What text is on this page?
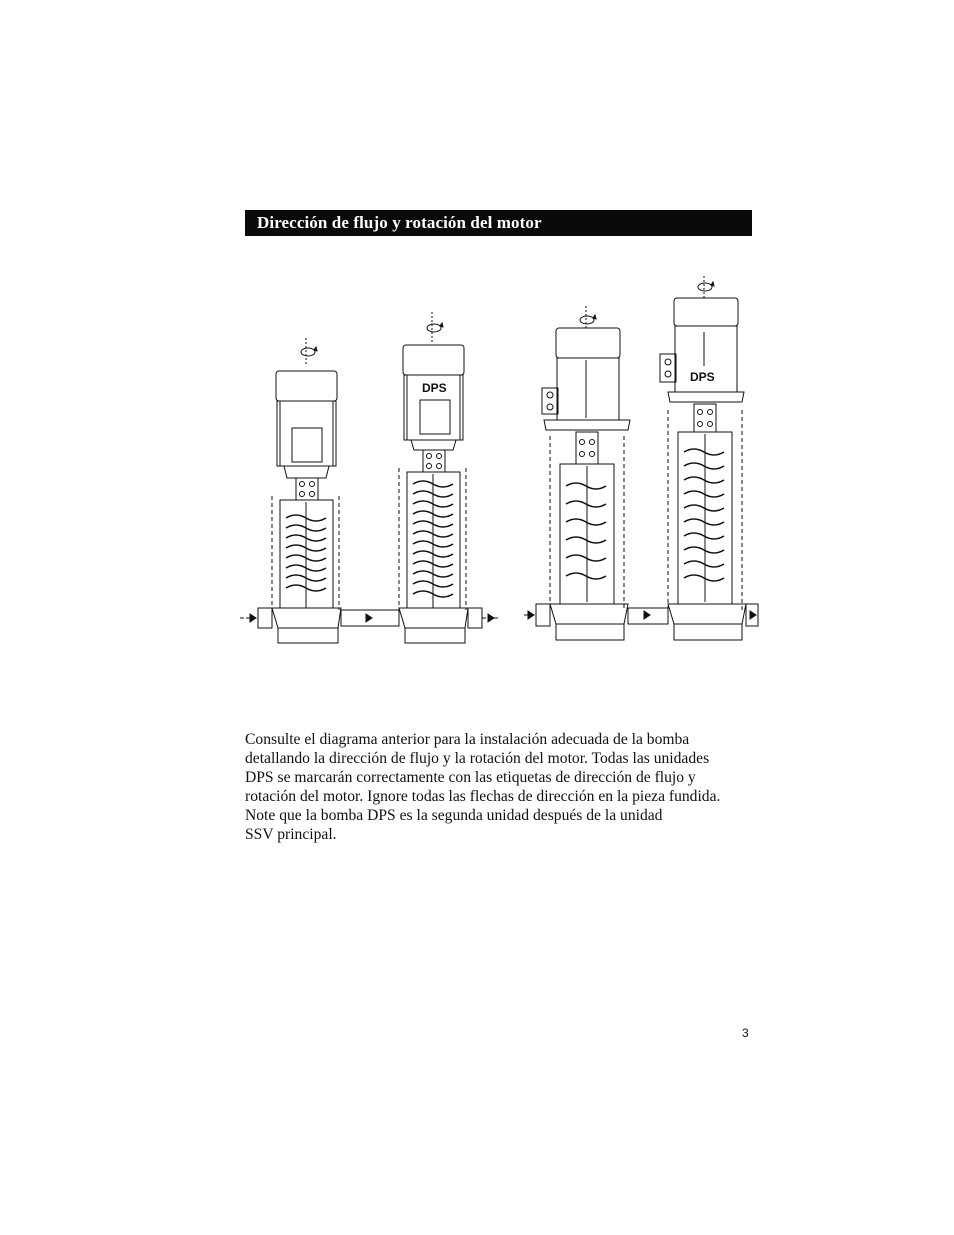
Dirección de flujo y rotación del motor
DPS
DPS

Consulte el diagrama anterior para la instalación adecuada de la bomba
detallando la dirección de flujo y la rotación del motor. Todas las unidades
DPS se marcarán correctamente con las etiquetas de dirección de flujo y
rotación del motor. Ignore todas las flechas de dirección en la pieza fundida.
Note que la bomba DPS es la segunda unidad después de la unidad
SSV principal.

3
